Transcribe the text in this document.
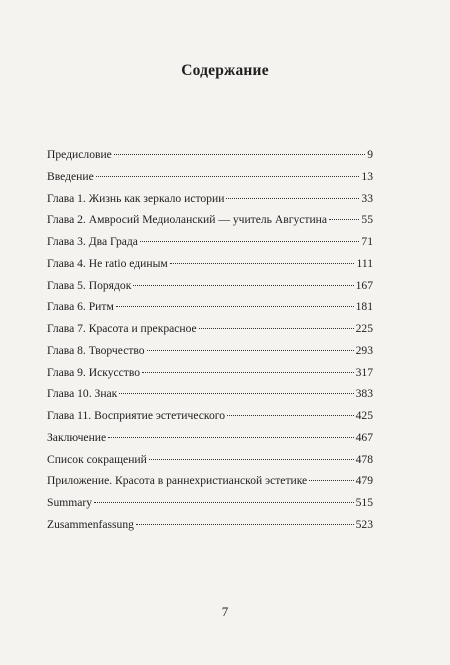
Содержание
Предисловие	9
Введение	13
Глава 1. Жизнь как зеркало истории	33
Глава 2. Амвросий Медиоланский — учитель Августина	55
Глава 3. Два Града	71
Глава 4. Не ratio единым	111
Глава 5. Порядок	167
Глава 6. Ритм	181
Глава 7. Красота и прекрасное	225
Глава 8. Творчество	293
Глава 9. Искусство	317
Глава 10. Знак	383
Глава 11. Восприятие эстетического	425
Заключение	467
Список сокращений	478
Приложение. Красота в раннехристианской эстетике	479
Summary	515
Zusammenfassung	523
7
